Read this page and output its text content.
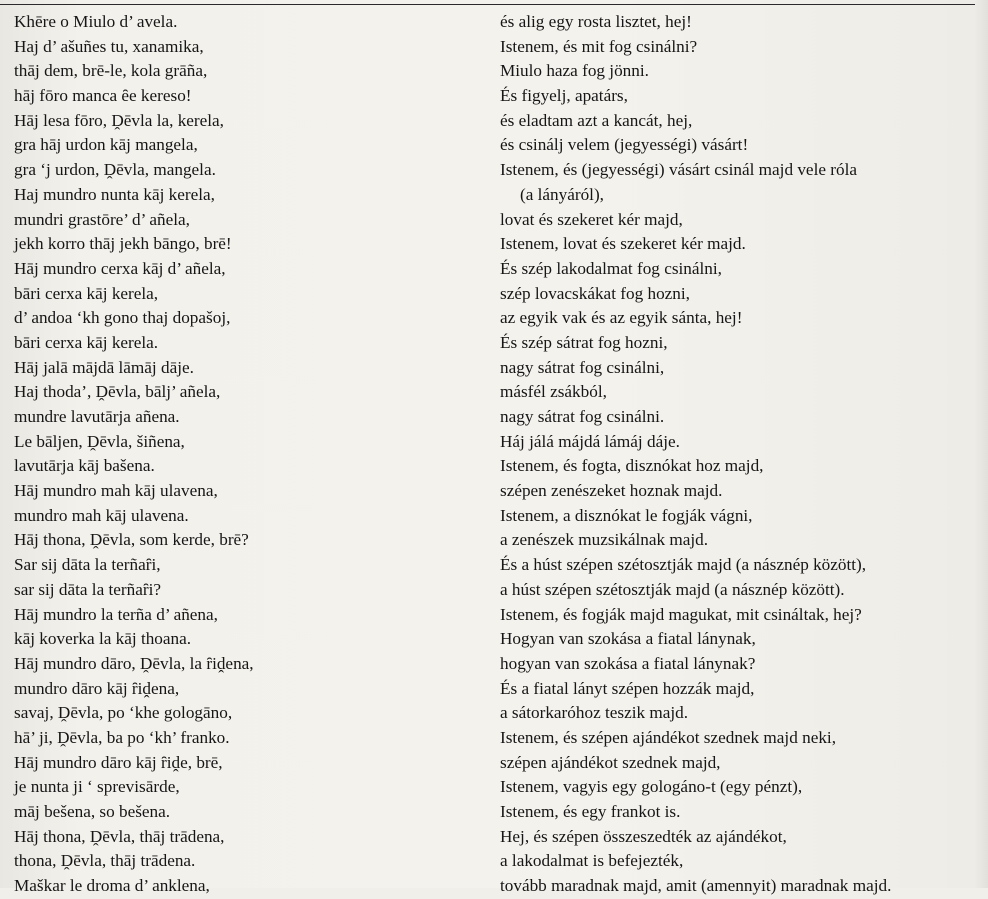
Khēre o Miulo d’ avela.
Haj d’ ašuñes tu, xanamika,
thāj dem, brē-le, kola grāña,
hāj fōro manca ȇe kereso!
Hāj lesa fōro, Ḓēvla la, kerela,
gra hāj urdon kāj mangela,
gra ‘j urdon, Ḓēvla, mangela.
Haj mundro nunta kāj kerela,
mundri grastōre’ d’ añela,
jekh korro thāj jekh bāngo, brē!
Hāj mundro cerxa kāj d’ añela,
bāri cerxa kāj kerela,
d’ andoa ‘kh gono thaj dopašoj,
bāri cerxa kāj kerela.
Hāj jalā mājdā lāmāj dāje.
Haj thoda’, Ḓēvla, bālj’ añela,
mundre lavutārja añena.
Le bāljen, Ḓēvla, šiñena,
lavutārja kāj bašena.
Hāj mundro mah kāj ulavena,
mundro mah kāj ulavena.
Hāj thona, Ḓēvla, som kerde, brē?
Sar sij dāta la terñaȓi,
sar sij dāta la terñaȓi?
Hāj mundro la terña d’ añena,
kāj koverka la kāj thoana.
Hāj mundro dāro, Ḓēvla, la ȓiḓena,
mundro dāro kāj ȓiḓena,
savaj, Ḓēvla, po ‘khe gologāno,
hā’ ji, Ḓēvla, ba po ‘kh’ franko.
Hāj mundro dāro kāj ȓiḓe, brē,
je nunta ji ‘ sprevisārde,
māj bešena, so bešena.
Hāj thona, Ḓēvla, thāj trādena,
thona, Ḓēvla, thāj trādena.
Maškar le droma d’ anklena,
és alig egy rosta lisztet, hej!
Istenem, és mit fog csinálni?
Miulo haza fog jönni.
És figyelj, apatárs,
és eladtam azt a kancát, hej,
és csinálj velem (jegyességi) vásárt!
Istenem, és (jegyességi) vásárt csinál majd vele róla
(a lányáról),
lovat és szekeret kér majd,
Istenem, lovat és szekeret kér majd.
És szép lakodalmat fog csinálni,
szép lovacskákat fog hozni,
az egyik vak és az egyik sánta, hej!
És szép sátrat fog hozni,
nagy sátrat fog csinálni,
másfél zsákból,
nagy sátrat fog csinálni.
Háj jálá májdá lámáj dáje.
Istenem, és fogta, disznókat hoz majd,
szépen zenészeket hoznak majd.
Istenem, a disznókat le fogják vágni,
a zenészek muzsikálnak majd.
És a húst szépen szétosztják majd (a násznép között),
a húst szépen szétosztják majd (a násznép között).
Istenem, és fogják majd magukat, mit csináltak, hej?
Hogyan van szokása a fiatal lánynak,
hogyan van szokása a fiatal lánynak?
És a fiatal lányt szépen hozzák majd,
a sátorkaróhoz teszik majd.
Istenem, és szépen ajándékot szednek majd neki,
szépen ajándékot szednek majd,
Istenem, vagyis egy gologáno-t (egy pénzt),
Istenem, és egy frankot is.
Hej, és szépen összeszedték az ajándékot,
a lakodalmat is befejezték,
tovább maradnak majd, amit (amennyit) maradnak majd.
